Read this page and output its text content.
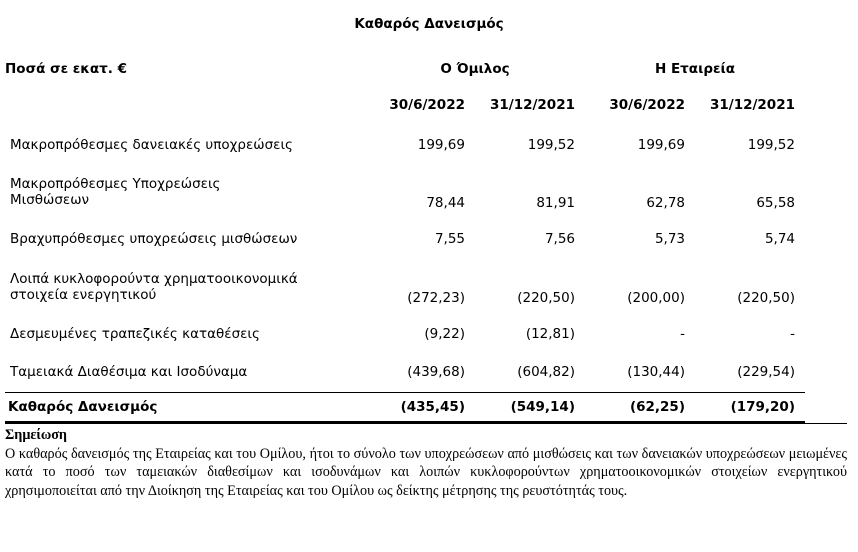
Καθαρός Δανεισμός
Ποσά σε εκατ. €	Ο Όμιλος		Η Εταιρεία	
	30/6/2022	31/12/2021	30/6/2022	31/12/2021
Μακροπρόθεσμες δανειακές υποχρεώσεις	199,69	199,52	199,69	199,52

Μακροπρόθεσμες Υποχρεώσεις
Μισθώσεων	78,44	81,91	62,78	65,58
Βραχυπρόθεσμες υποχρεώσεις μισθώσεων	7,55	7,56	5,73	5,74

Λοιπά κυκλοφορούντα χρηματοοικονομικά
στοιχεία ενεργητικού	(272,23)	(220,50)	(200,00)	(220,50)
Δεσμευμένες τραπεζικές καταθέσεις	(9,22)	(12,81)	-	-
Ταμειακά Διαθέσιμα και Ισοδύναμα	(439,68)	(604,82)	(130,44)	(229,54)
Καθαρός Δανεισμός	(435,45)	(549,14)	(62,25)	(179,20)
Σημείωση
Ο καθαρός δανεισμός της Εταιρείας και του Ομίλου, ήτοι το σύνολο των υποχρεώσεων από μισθώσεις και των δανειακών υποχρεώσεων μειωμένες κατά το ποσό των ταμειακών διαθεσίμων και ισοδυνάμων και λοιπών κυκλοφορούντων χρηματοοικονομικών στοιχείων ενεργητικού χρησιμοποιείται από την Διοίκηση της Εταιρείας και του Ομίλου ως δείκτης μέτρησης της ρευστότητάς τους.
